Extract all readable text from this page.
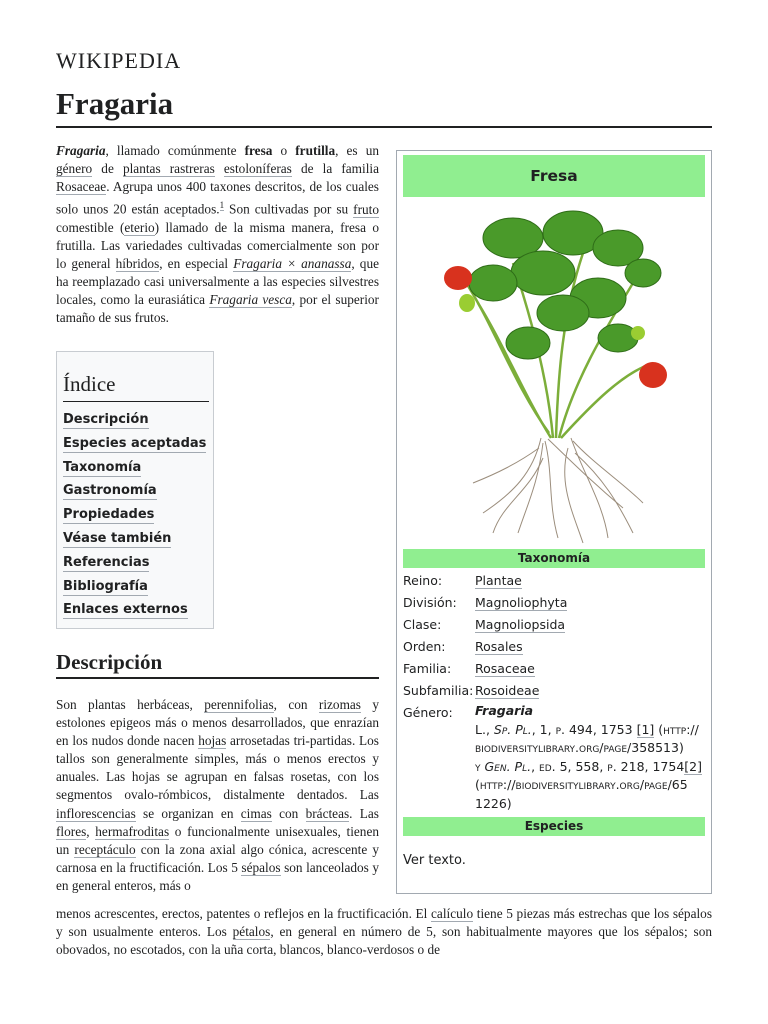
WIKIPEDIA
Fragaria
Fragaria, llamado comúnmente fresa o frutilla, es un género de plantas rastreras estoloníferas de la familia Rosaceae. Agrupa unos 400 taxones descritos, de los cuales solo unos 20 están aceptados.$^1$ Son cultivadas por su fruto comestible (eterio) llamado de la misma manera, fresa o frutilla. Las variedades cultivadas comercialmente son por lo general híbridos, en especial Fragaria × ananassa, que ha reemplazado casi universalmente a las especies silvestres locales, como la eurasiática Fragaria vesca, por el superior tamaño de sus frutos.
Índice
Descripción
Especies aceptadas
Taxonomía
Gastronomía
Propiedades
Véase también
Referencias
Bibliografía
Enlaces externos
Descripción
Son plantas herbáceas, perennifolias, con rizomas y estolones epigeos más o menos desarrollados, que enrazían en los nudos donde nacen hojas arrosetadas tri-partidas. Los tallos son generalmente simples, más o menos erectos y anuales. Las hojas se agrupan en falsas rosetas, con los segmentos ovalo-rómbicos, distalmente dentados. Las inflorescencias se organizan en cimas con brácteas. Las flores, hermafroditas o funcionalmente unisexuales, tienen un receptáculo con la zona axial algo cónica, acrescente y carnosa en la fructificación. Los 5 sépalos son lanceolados y en general enteros, más o
menos acrescentes, erectos, patentes o reflejos en la fructificación. El calículo tiene 5 piezas más estrechas que los sépalos y son usualmente enteros. Los pétalos, en general en número de 5, son habitualmente mayores que los sépalos; son obovados, no escotados, con la uña corta, blancos, blanco-verdosos o de
Fresa
Taxonomía
Reino:	Plantae
División: Magnoliophyta
Clase:	Magnoliopsida
Orden: Rosales
Familia: Rosaceae
Subfamilia: Rosoideae
Género: Fragaria
L., Sp. Pl., 1, p. 494, 1753 [1] (http://
biodiversitylibrary.org/page/358513)
y Gen. Pl., ed. 5, 558, p. 218, 1754[2]
(http://biodiversitylibrary.org/page/65
1226)
Especies
Ver texto.
